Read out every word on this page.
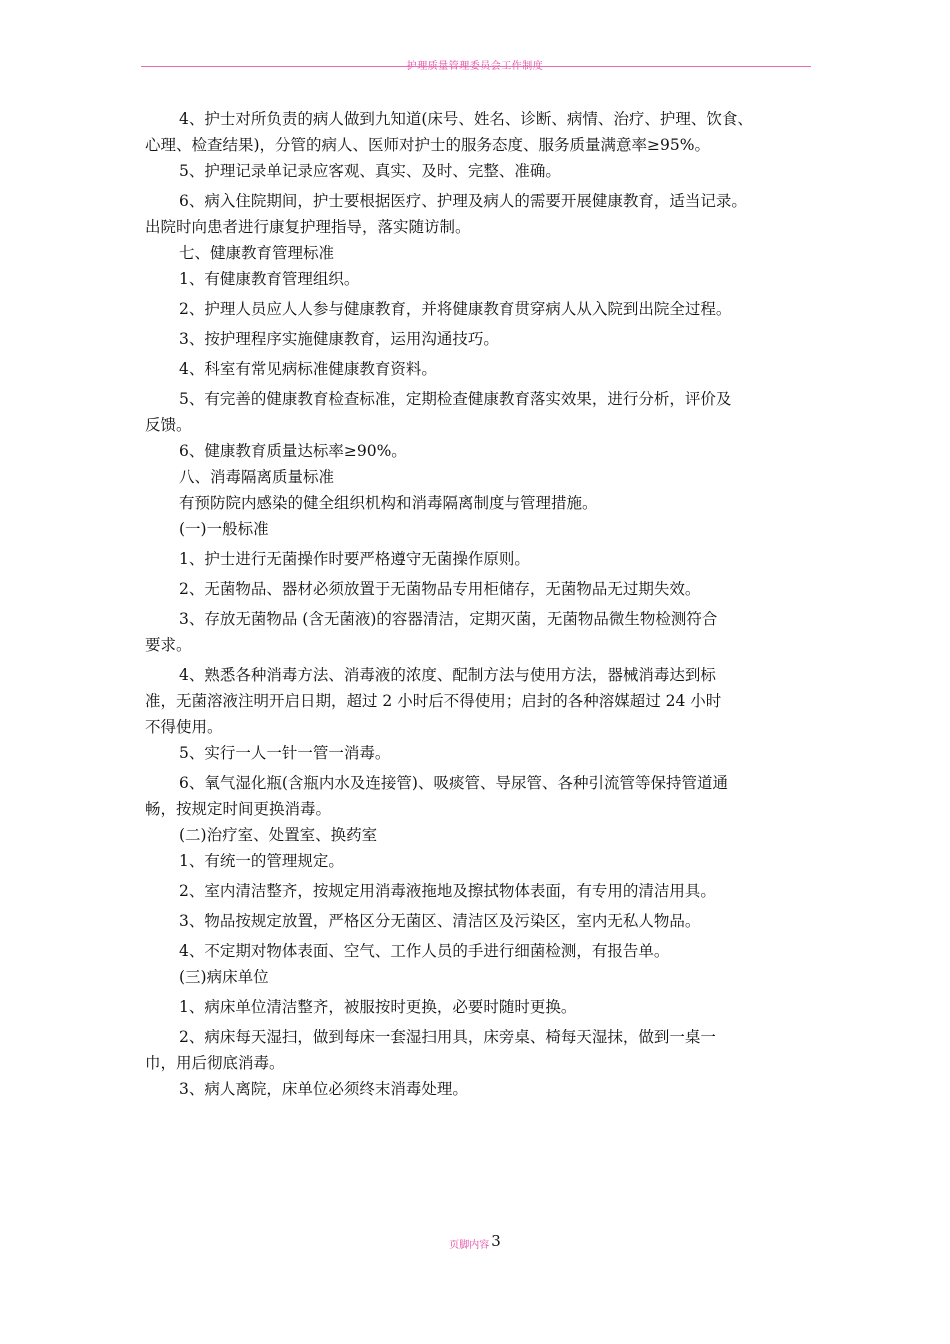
护理质量管理委员会工作制度
4、护士对所负责的病人做到九知道(床号、姓名、诊断、病情、治疗、护理、饮食、
心理、检查结果)，分管的病人、医师对护士的服务态度、服务质量满意率≥95%。
5、护理记录单记录应客观、真实、及时、完整、准确。
6、病入住院期间，护士要根据医疗、护理及病人的需要开展健康教育，适当记录。
出院时向患者进行康复护理指导，落实随访制。
七、健康教育管理标准
1、有健康教育管理组织。
2、护理人员应人人参与健康教育，并将健康教育贯穿病人从入院到出院全过程。
3、按护理程序实施健康教育，运用沟通技巧。
4、科室有常见病标准健康教育资料。
5、有完善的健康教育检查标准，定期检查健康教育落实效果，进行分析，评价及
反馈。
6、健康教育质量达标率≥90%。
八、消毒隔离质量标准
有预防院内感染的健全组织机构和消毒隔离制度与管理措施。
(一)一般标准
1、护士进行无菌操作时要严格遵守无菌操作原则。
2、无菌物品、器材必须放置于无菌物品专用柜储存，无菌物品无过期失效。
3、存放无菌物品 (含无菌液)的容器清洁，定期灭菌，无菌物品微生物检测符合
要求。
4、熟悉各种消毒方法、消毒液的浓度、配制方法与使用方法，器械消毒达到标
准，无菌溶液注明开启日期，超过 2 小时后不得使用；启封的各种溶媒超过 24 小时
不得使用。
5、实行一人一针一管一消毒。
6、氧气湿化瓶(含瓶内水及连接管)、吸痰管、导尿管、各种引流管等保持管道通
畅，按规定时间更换消毒。
(二)治疗室、处置室、换药室
1、有统一的管理规定。
2、室内清洁整齐，按规定用消毒液拖地及擦拭物体表面，有专用的清洁用具。
3、物品按规定放置，严格区分无菌区、清洁区及污染区，室内无私人物品。
4、不定期对物体表面、空气、工作人员的手进行细菌检测，有报告单。
(三)病床单位
1、病床单位清洁整齐，被服按时更换，必要时随时更换。
2、病床每天湿扫，做到每床一套湿扫用具，床旁桌、椅每天湿抹，做到一桌一
巾，用后彻底消毒。
3、病人离院，床单位必须终末消毒处理。
页脚内容 3
